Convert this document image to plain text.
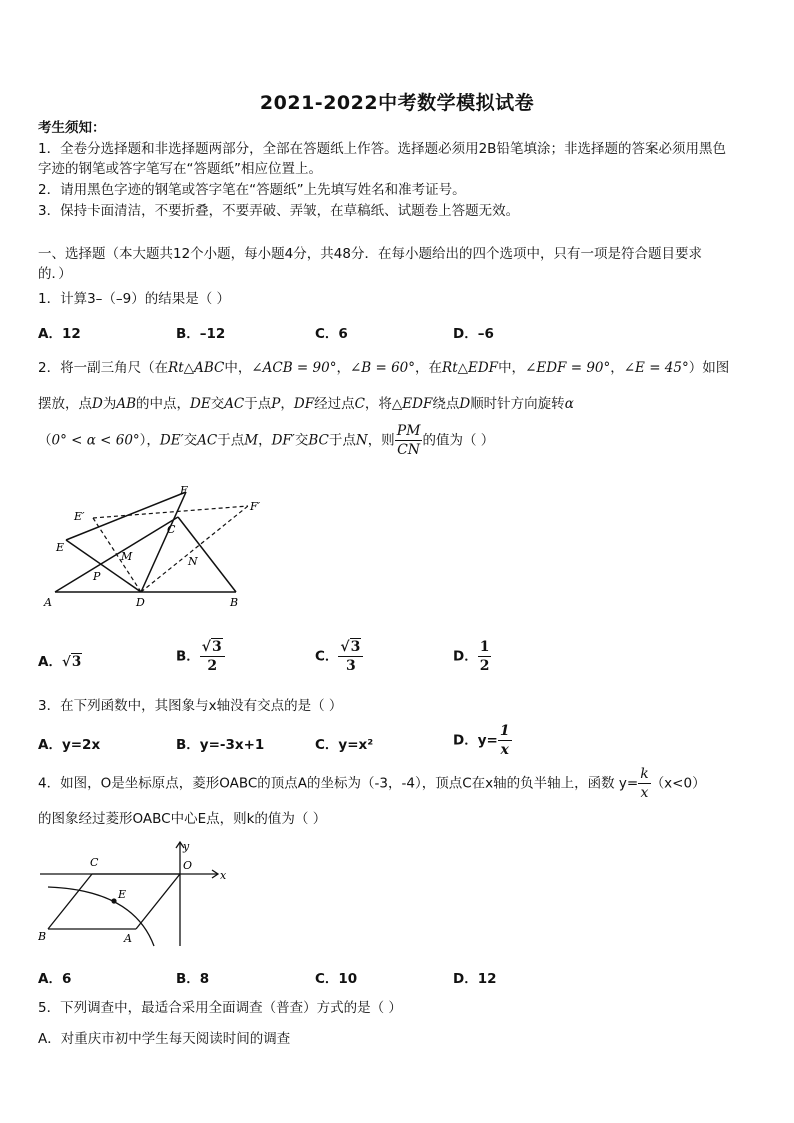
2021-2022中考数学模拟试卷
考生须知：
1．全卷分选择题和非选择题两部分，全部在答题纸上作答。选择题必须用2B铅笔填涂；非选择题的答案必须用黑色
字迹的钢笔或答字笔写在“答题纸”相应位置上。
2．请用黑色字迹的钢笔或答字笔在“答题纸”上先填写姓名和准考证号。
3．保持卡面清洁，不要折叠，不要弄破、弄皱，在草稿纸、试题卷上答题无效。
一、选择题（本大题共12个小题，每小题4分，共48分．在每小题给出的四个选项中，只有一项是符合题目要求
的．）
1．计算3–（–9）的结果是（ ）
A．12	B．–12	C．6	D．–6
2．将一副三角尺（在Rt△ABC中，∠ACB = 90°，∠B = 60°，在Rt△EDF中，∠EDF = 90°，∠E = 45°）如图
摆放，点D为AB的中点，DE交AC于点P，DF经过点C，将△EDF绕点D顺时针方向旋转α
（0° < α < 60°），DE′交AC于点M，DF′交BC于点N，则 $\frac{PM}{CN}$ 的值为（ ）
F
E′
F′
E
C
M
P
N
A	D	B
A．√3	B． $\frac{√3}{2}$	C． $\frac{√3}{3}$	D． $\frac{1}{2}$
3．在下列函数中，其图象与x轴没有交点的是（ ）
A．y=2x	B．y=-3x+1	C．y=x²	D．$y= \frac{1}{x}$
4．如图，O是坐标原点，菱形OABC的顶点A的坐标为（-3，-4），顶点C在x轴的负半轴上，函数 $y= \frac{k}{x} (x<0)$
的图象经过菱形OABC中心E点，则k的值为（ ）
y
O
x
C
E
B	A
A．6	B．8	C．10	D．12
5．下列调查中，最适合采用全面调查（普查）方式的是（ ）
A．对重庆市初中学生每天阅读时间的调查
